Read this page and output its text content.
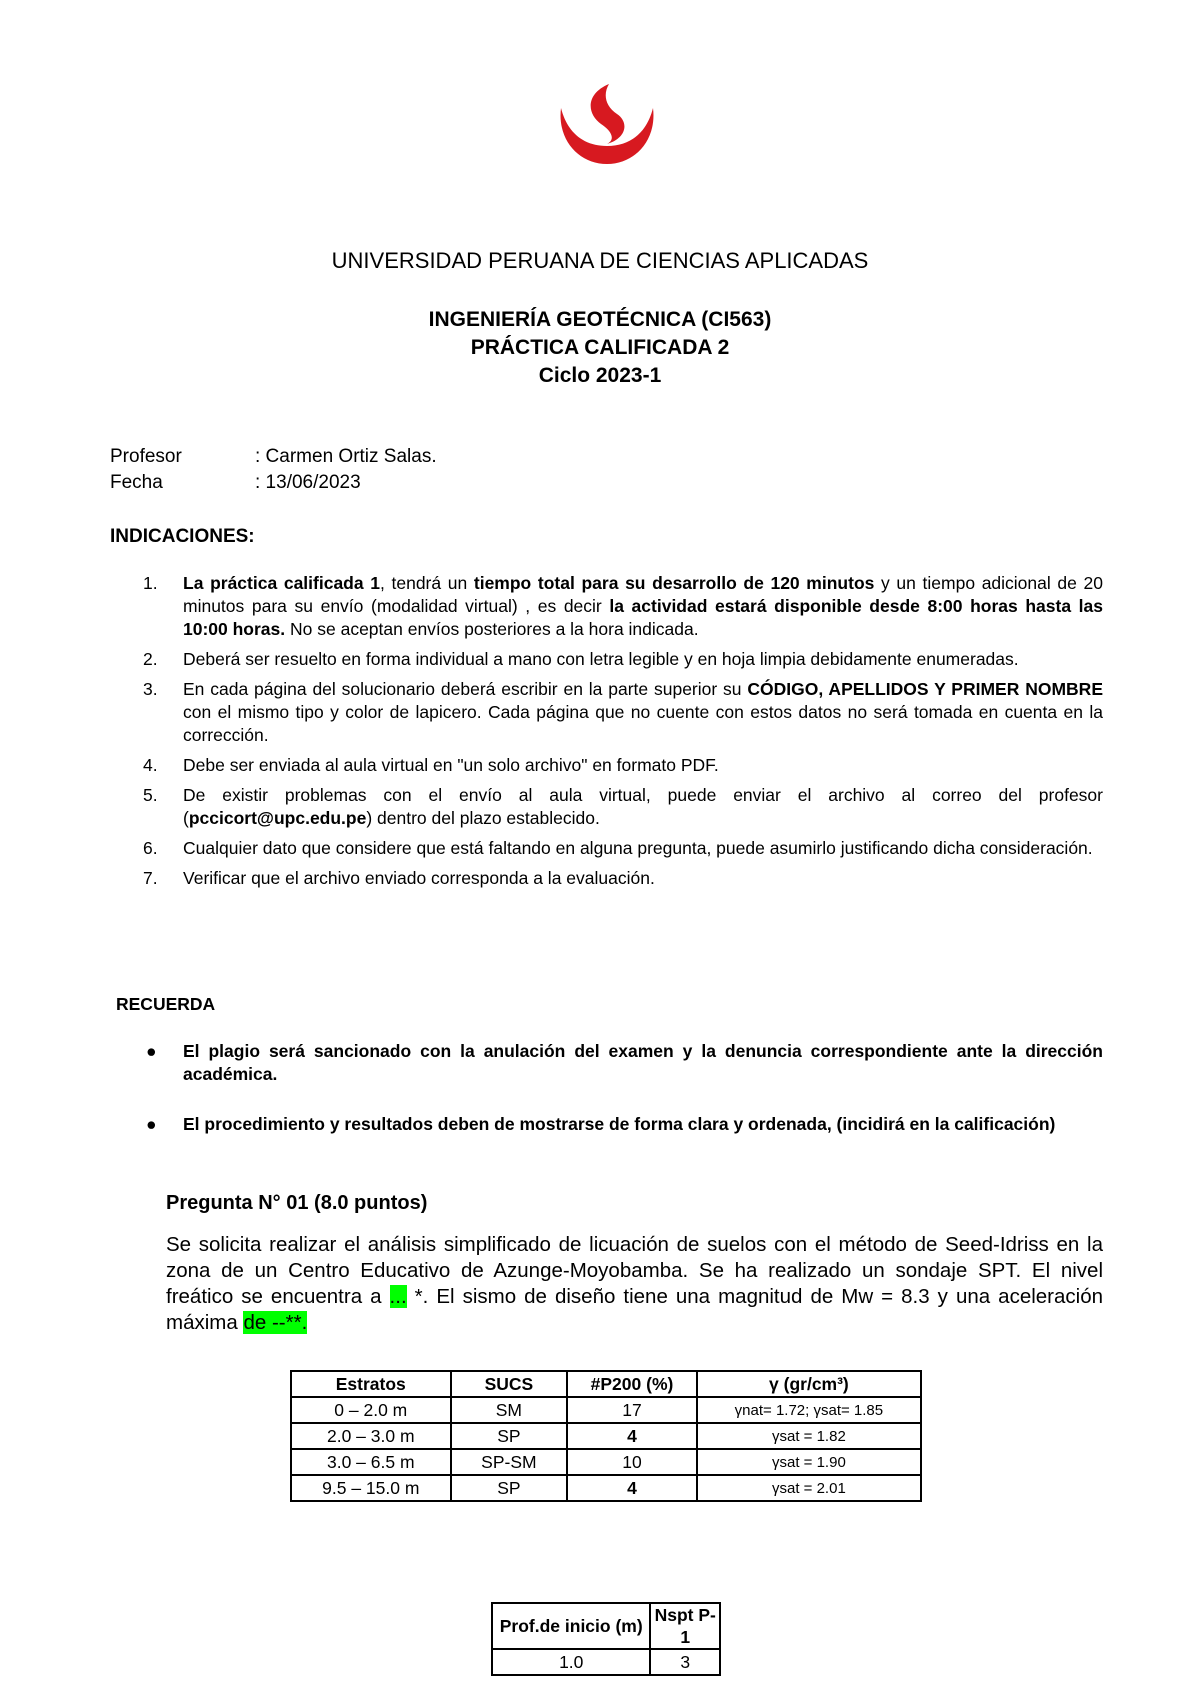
UNIVERSIDAD PERUANA DE CIENCIAS APLICADAS
INGENIERÍA GEOTÉCNICA (CI563)
PRÁCTICA CALIFICADA 2
Ciclo 2023-1
Profesor	: Carmen Ortiz Salas.
Fecha	: 13/06/2023
INDICACIONES:
1. La práctica calificada 1, tendrá un tiempo total para su desarrollo de 120 minutos y un tiempo adicional de 20 minutos para su envío (modalidad virtual) , es decir la actividad estará disponible desde 8:00 horas hasta las 10:00 horas. No se aceptan envíos posteriores a la hora indicada.
2. Deberá ser resuelto en forma individual a mano con letra legible y en hoja limpia debidamente enumeradas.
3. En cada página del solucionario deberá escribir en la parte superior su CÓDIGO, APELLIDOS Y PRIMER NOMBRE con el mismo tipo y color de lapicero. Cada página que no cuente con estos datos no será tomada en cuenta en la corrección.
4. Debe ser enviada al aula virtual en "un solo archivo" en formato PDF.
5. De existir problemas con el envío al aula virtual, puede enviar el archivo al correo del profesor (pccicort@upc.edu.pe) dentro del plazo establecido.
6. Cualquier dato que considere que está faltando en alguna pregunta, puede asumirlo justificando dicha consideración.
7. Verificar que el archivo enviado corresponda a la evaluación.
RECUERDA
● El plagio será sancionado con la anulación del examen y la denuncia correspondiente ante la dirección académica.
● El procedimiento y resultados deben de mostrarse de forma clara y ordenada, (incidirá en la calificación)
Pregunta N° 01 (8.0 puntos)
Se solicita realizar el análisis simplificado de licuación de suelos con el método de Seed-Idriss en la zona de un Centro Educativo de Azunge-Moyobamba. Se ha realizado un sondaje SPT. El nivel freático se encuentra a ... *. El sismo de diseño tiene una magnitud de Mw = 8.3 y una aceleración máxima de --**.
Estratos	SUCS	#P200 (%)	γ (gr/cm³)
0 – 2.0 m	SM	17	γnat= 1.72; γsat= 1.85
2.0 – 3.0 m	SP	4	γsat = 1.82
3.0 – 6.5 m	SP-SM	10	γsat = 1.90
9.5 – 15.0 m	SP	4	γsat = 2.01
Prof.de inicio (m)	Nspt P-1
1.0	3
